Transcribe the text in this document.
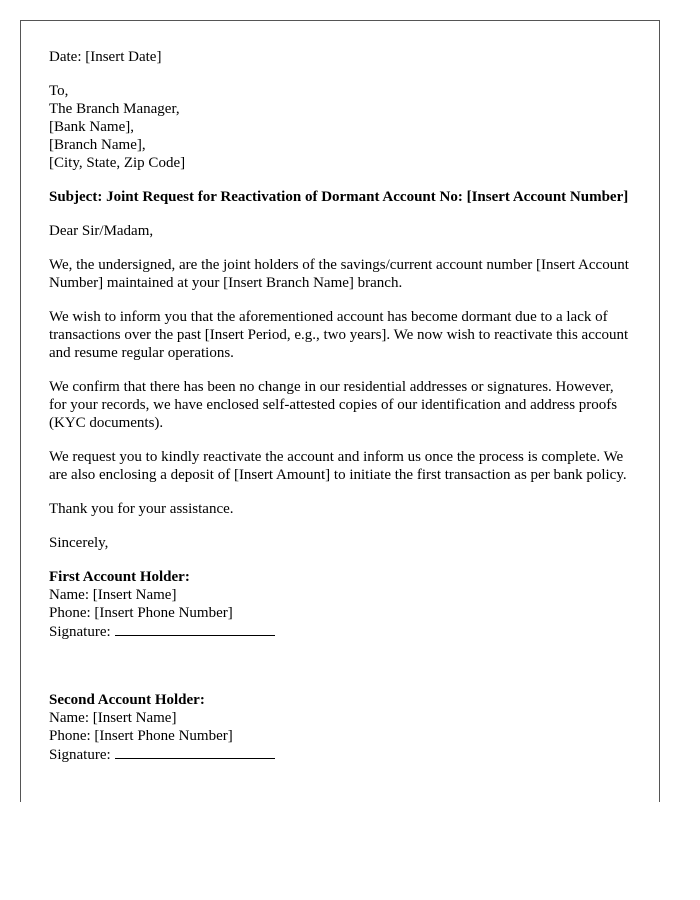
Date: [Insert Date]
To,
The Branch Manager,
[Bank Name],
[Branch Name],
[City, State, Zip Code]
Subject: Joint Request for Reactivation of Dormant Account No: [Insert Account Number]
Dear Sir/Madam,
We, the undersigned, are the joint holders of the savings/current account number [Insert Account Number] maintained at your [Insert Branch Name] branch.
We wish to inform you that the aforementioned account has become dormant due to a lack of transactions over the past [Insert Period, e.g., two years]. We now wish to reactivate this account and resume regular operations.
We confirm that there has been no change in our residential addresses or signatures. However, for your records, we have enclosed self-attested copies of our identification and address proofs (KYC documents).
We request you to kindly reactivate the account and inform us once the process is complete. We are also enclosing a deposit of [Insert Amount] to initiate the first transaction as per bank policy.
Thank you for your assistance.
Sincerely,
First Account Holder:
Name: [Insert Name]
Phone: [Insert Phone Number]
Signature:
Second Account Holder:
Name: [Insert Name]
Phone: [Insert Phone Number]
Signature:
